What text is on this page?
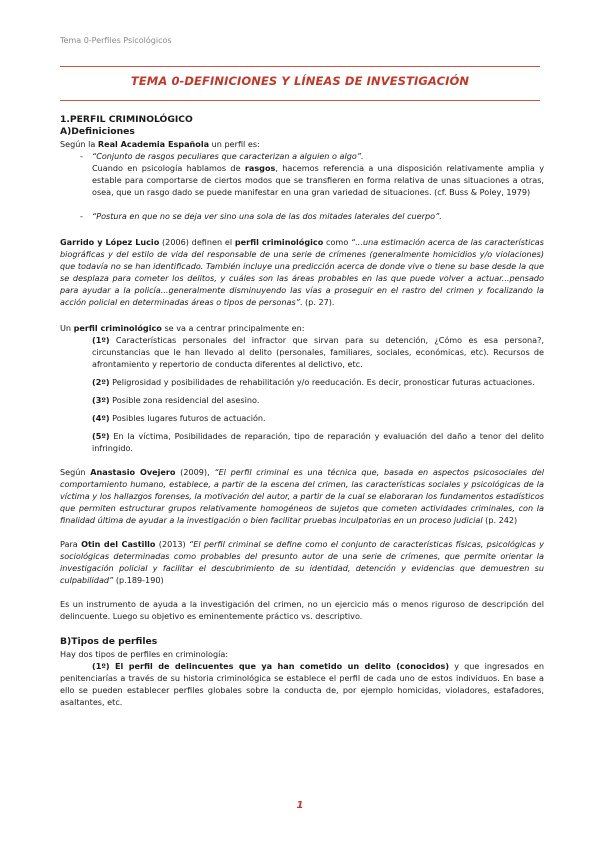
Tema 0-Perfiles Psicológicos
TEMA 0-DEFINICIONES Y LÍNEAS DE INVESTIGACIÓN

1.PERFIL CRIMINOLÓGICO

A)Definiciones

Según la Real Academia Española un perfil es:

- “Conjunto de rasgos peculiares que caracterizan a alguien o algo”.

Cuando en psicología hablamos de rasgos, hacemos referencia a una disposición relativamente amplia y estable para comportarse de ciertos modos que se transfieren en forma relativa de unas situaciones a otras, osea, que un rasgo dado se puede manifestar en una gran variedad de situaciones. (cf. Buss & Poley, 1979)

- “Postura en que no se deja ver sino una sola de las dos mitades laterales del cuerpo”.

Garrido y López Lucio (2006) definen el perfil criminológico como “...una estimación acerca de las características biográficas y del estilo de vida del responsable de una serie de crímenes (generalmente homicidios y/o violaciones) que todavía no se han identificado. También incluye una predicción acerca de donde vive o tiene su base desde la que se desplaza para cometer los delitos, y cuáles son las áreas probables en las que puede volver a actuar...pensado para ayudar a la policía...generalmente disminuyendo las vías a proseguir en el rastro del crimen y focalizando la acción policial en determinadas áreas o tipos de personas”. (p. 27).

Un perfil criminológico se va a centrar principalmente en:

(1º) Características personales del infractor que sirvan para su detención, ¿Cómo es esa persona?, circunstancias que le han llevado al delito (personales, familiares, sociales, económicas, etc). Recursos de afrontamiento y repertorio de conducta diferentes al delictivo, etc.

(2º) Peligrosidad y posibilidades de rehabilitación y/o reeducación. Es decir, pronosticar futuras actuaciones.

(3º) Posible zona residencial del asesino.

(4º) Posibles lugares futuros de actuación.

(5º) En la víctima, Posibilidades de reparación, tipo de reparación y evaluación del daño a tenor del delito infringido.

Según Anastasio Ovejero (2009), “El perfil criminal es una técnica que, basada en aspectos psicosociales del comportamiento humano, establece, a partir de la escena del crimen, las características sociales y psicológicas de la víctima y los hallazgos forenses, la motivación del autor, a partir de la cual se elaboraran los fundamentos estadísticos que permiten estructurar grupos relativamente homogéneos de sujetos que cometen actividades criminales, con la finalidad última de ayudar a la investigación o bien facilitar pruebas inculpatorias en un proceso judicial (p. 242)

Para Otin del Castillo (2013) “El perfil criminal se define como el conjunto de características físicas, psicológicas y sociológicas determinadas como probables del presunto autor de una serie de crímenes, que permite orientar la investigación policial y facilitar el descubrimiento de su identidad, detención y evidencias que demuestren su culpabilidad” (p.189-190)

Es un instrumento de ayuda a la investigación del crimen, no un ejercicio más o menos riguroso de descripción del delincuente. Luego su objetivo es eminentemente práctico vs. descriptivo.

B)Tipos de perfiles

Hay dos tipos de perfiles en criminología:

(1º) El perfil de delincuentes que ya han cometido un delito (conocidos) y que ingresados en penitenciarías a través de su historia criminológica se establece el perfil de cada uno de estos individuos. En base a ello se pueden establecer perfiles globales sobre la conducta de, por ejemplo homicidas, violadores, estafadores, asaltantes, etc.

1
